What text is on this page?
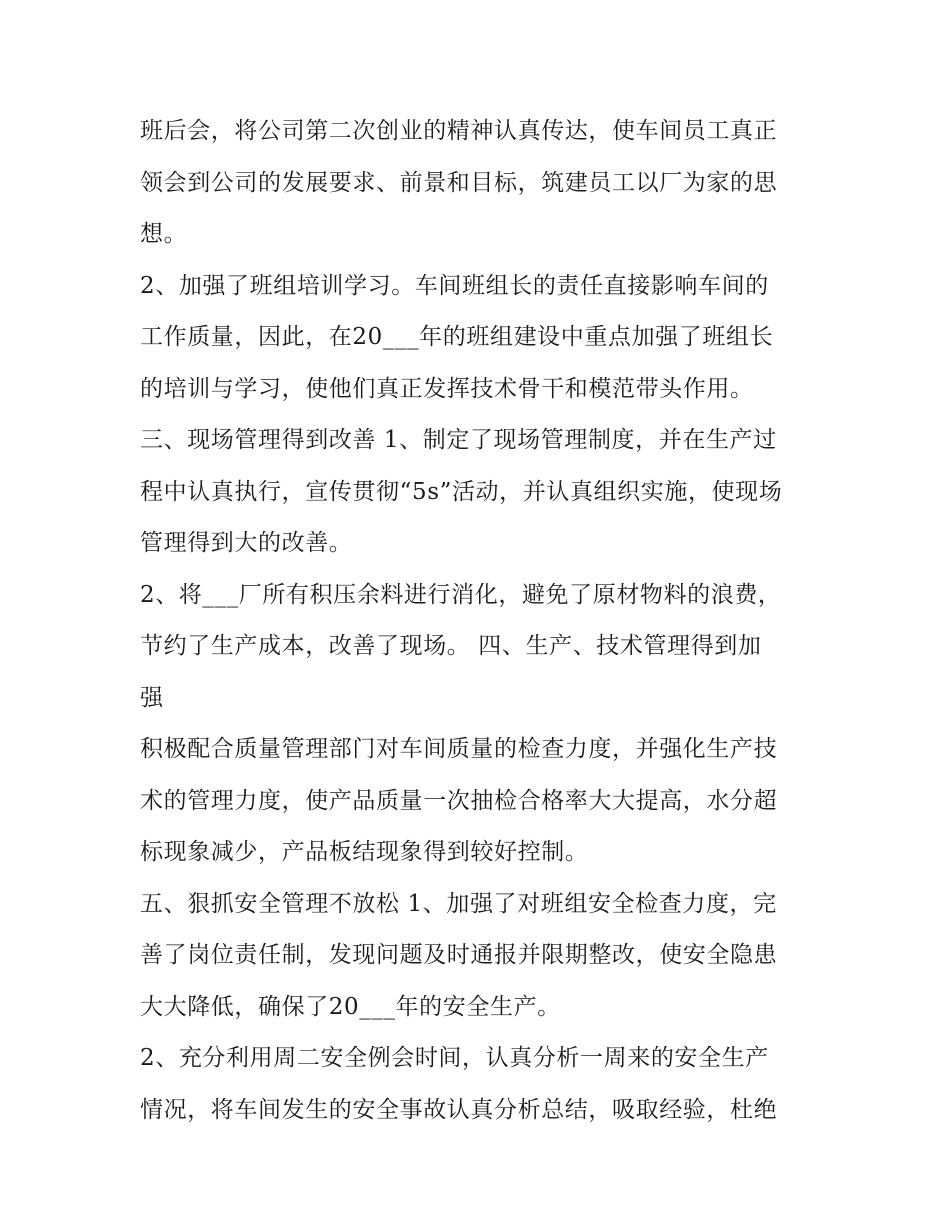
班后会，将公司第二次创业的精神认真传达，使车间员工真正
领会到公司的发展要求、前景和目标，筑建员工以厂为家的思
想。
2、加强了班组培训学习。车间班组长的责任直接影响车间的
工作质量，因此，在20___年的班组建设中重点加强了班组长
的培训与学习，使他们真正发挥技术骨干和模范带头作用。
三、现场管理得到改善 1、制定了现场管理制度，并在生产过
程中认真执行，宣传贯彻“5s”活动，并认真组织实施，使现场
管理得到大的改善。
2、将___厂所有积压余料进行消化，避免了原材物料的浪费，
节约了生产成本，改善了现场。 四、生产、技术管理得到加
强
积极配合质量管理部门对车间质量的检查力度，并强化生产技
术的管理力度，使产品质量一次抽检合格率大大提高，水分超
标现象减少，产品板结现象得到较好控制。
五、狠抓安全管理不放松 1、加强了对班组安全检查力度，完
善了岗位责任制，发现问题及时通报并限期整改，使安全隐患
大大降低，确保了20___年的安全生产。
2、充分利用周二安全例会时间，认真分析一周来的安全生产
情况，将车间发生的安全事故认真分析总结，吸取经验，杜绝
